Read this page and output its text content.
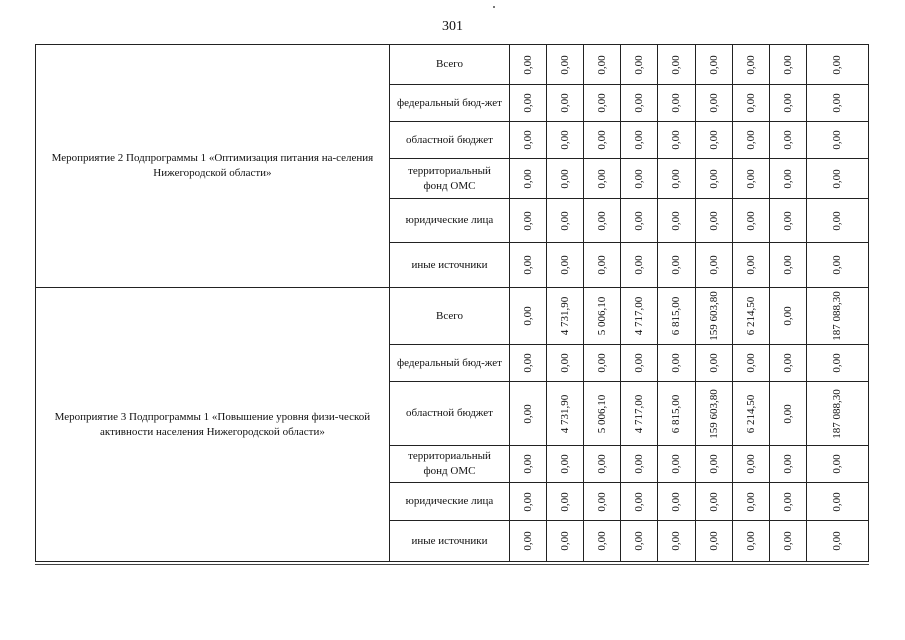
301
Мероприятие 2 Подпрограммы 1 «Оптимизация питания на-селения Нижегородской области»	Всего	0,00	0,00	0,00	0,00	0,00	0,00	0,00	0,00	0,00

	федеральный бюд-жет	0,00	0,00	0,00	0,00	0,00	0,00	0,00	0,00	0,00

	областной бюджет	0,00	0,00	0,00	0,00	0,00	0,00	0,00	0,00	0,00

	территориальный фонд ОМС	0,00	0,00	0,00	0,00	0,00	0,00	0,00	0,00	0,00

	юридические лица	0,00	0,00	0,00	0,00	0,00	0,00	0,00	0,00	0,00

	иные источники	0,00	0,00	0,00	0,00	0,00	0,00	0,00	0,00	0,00

Мероприятие 3 Подпрограммы 1 «Повышение уровня физи-ческой активности населения Нижегородской области»	Всего	0,00	4 731,90	5 006,10	4 717,00	6 815,00	159 603,80	6 214,50	0,00	187 088,30

	федеральный бюд-жет	0,00	0,00	0,00	0,00	0,00	0,00	0,00	0,00	0,00

	областной бюджет	0,00	4 731,90	5 006,10	4 717,00	6 815,00	159 603,80	6 214,50	0,00	187 088,30

	территориальный фонд ОМС	0,00	0,00	0,00	0,00	0,00	0,00	0,00	0,00	0,00

	юридические лица	0,00	0,00	0,00	0,00	0,00	0,00	0,00	0,00	0,00

	иные источники	0,00	0,00	0,00	0,00	0,00	0,00	0,00	0,00	0,00
